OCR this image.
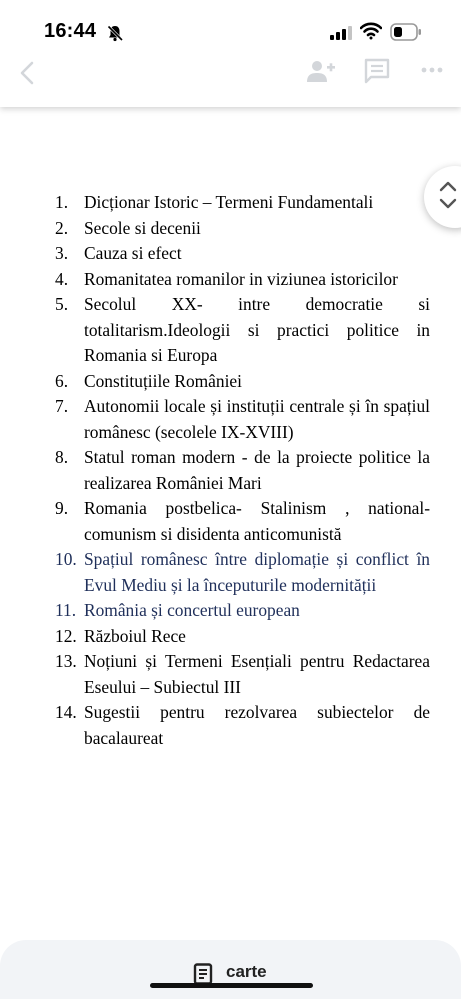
16:44
1. Dicționar Istoric – Termeni Fundamentali
2. Secole si decenii
3. Cauza si efect
4. Romanitatea romanilor in viziunea istoricilor
5. Secolul XX- intre democratie si totalitarism.Ideologii si practici politice in Romania si Europa
6. Constituțiile României
7. Autonomii locale și instituții centrale și în spațiul românesc (secolele IX-XVIII)
8. Statul roman modern - de la proiecte politice la realizarea României Mari
9. Romania postbelica- Stalinism , national-comunism si disidenta anticomunistă
10. Spațiul românesc între diplomație și conflict în Evul Mediu și la începuturile modernității
11. România și concertul european
12. Războiul Rece
13. Noțiuni și Termeni Esențiali pentru Redactarea Eseului – Subiectul III
14. Sugestii pentru rezolvarea subiectelor de bacalaureat
carte
